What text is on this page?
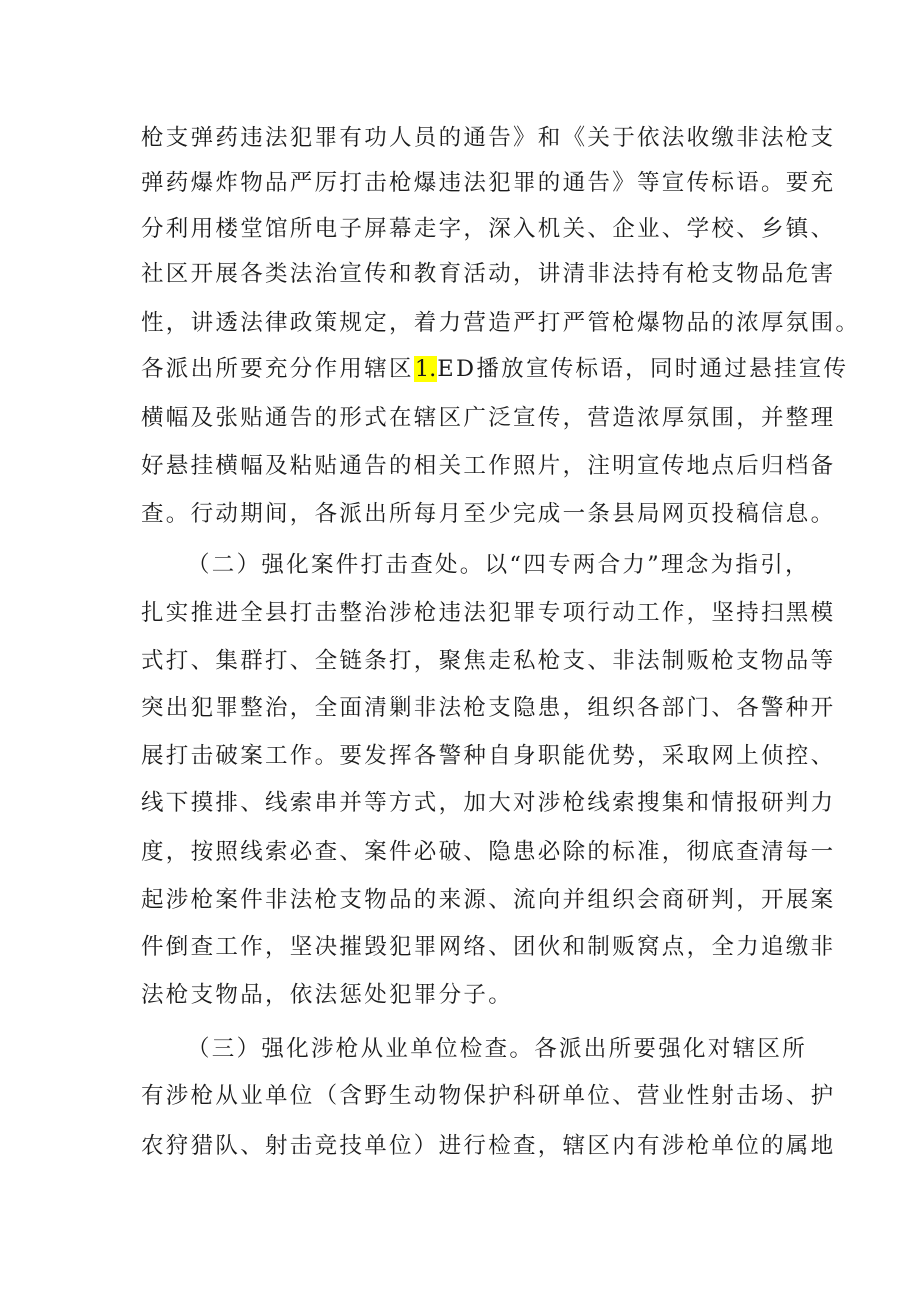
枪支弹药违法犯罪有功人员的通告》和《关于依法收缴非法枪支
弹药爆炸物品严厉打击枪爆违法犯罪的通告》等宣传标语。要充
分利用楼堂馆所电子屏幕走字，深入机关、企业、学校、乡镇、
社区开展各类法治宣传和教育活动，讲清非法持有枪支物品危害
性，讲透法律政策规定，着力营造严打严管枪爆物品的浓厚氛围。
各派出所要充分作用辖区1.ED播放宣传标语，同时通过悬挂宣传
横幅及张贴通告的形式在辖区广泛宣传，营造浓厚氛围，并整理
好悬挂横幅及粘贴通告的相关工作照片，注明宣传地点后归档备
查。行动期间，各派出所每月至少完成一条县局网页投稿信息。
（二）强化案件打击查处。以“四专两合力”理念为指引，
扎实推进全县打击整治涉枪违法犯罪专项行动工作，坚持扫黑模
式打、集群打、全链条打，聚焦走私枪支、非法制贩枪支物品等
突出犯罪整治，全面清剿非法枪支隐患，组织各部门、各警种开
展打击破案工作。要发挥各警种自身职能优势，采取网上侦控、
线下摸排、线索串并等方式，加大对涉枪线索搜集和情报研判力
度，按照线索必查、案件必破、隐患必除的标准，彻底查清每一
起涉枪案件非法枪支物品的来源、流向并组织会商研判，开展案
件倒查工作，坚决摧毁犯罪网络、团伙和制贩窝点，全力追缴非
法枪支物品，依法惩处犯罪分子。
（三）强化涉枪从业单位检查。各派出所要强化对辖区所
有涉枪从业单位（含野生动物保护科研单位、营业性射击场、护
农狩猎队、射击竞技单位）进行检查，辖区内有涉枪单位的属地
